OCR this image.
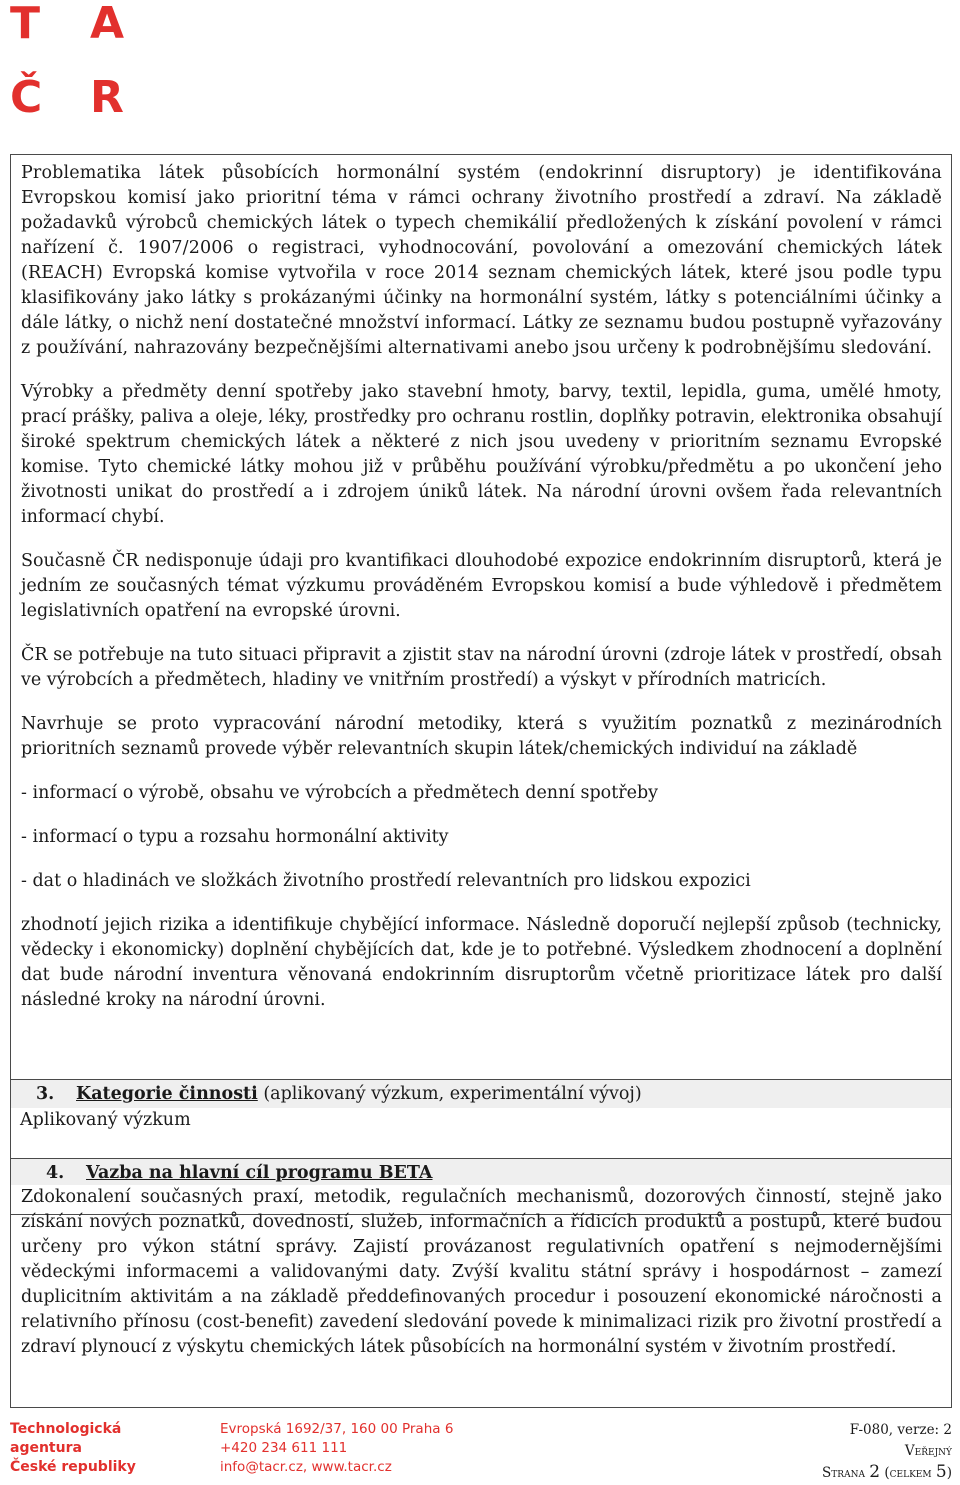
T A
Č R

Problematika látek působících hormonální systém (endokrinní disruptory) je identifikována Evropskou komisí jako prioritní téma v rámci ochrany životního prostředí a zdraví. Na základě požadavků výrobců chemických látek o typech chemikálií předložených k získání povolení v rámci nařízení č. 1907/2006 o registraci, vyhodnocování, povolování a omezování chemických látek (REACH) Evropská komise vytvořila v roce 2014 seznam chemických látek, které jsou podle typu klasifikovány jako látky s prokázanými účinky na hormonální systém, látky s potenciálními účinky a dále látky, o nichž není dostatečné množství informací. Látky ze seznamu budou postupně vyřazovány z používání, nahrazovány bezpečnějšími alternativami anebo jsou určeny k podrobnějšímu sledování.

Výrobky a předměty denní spotřeby jako stavební hmoty, barvy, textil, lepidla, guma, umělé hmoty, prací prášky, paliva a oleje, léky, prostředky pro ochranu rostlin, doplňky potravin, elektronika obsahují široké spektrum chemických látek a některé z nich jsou uvedeny v prioritním seznamu Evropské komise. Tyto chemické látky mohou již v průběhu používání výrobku/předmětu a po ukončení jeho životnosti unikat do prostředí a i zdrojem úniků látek. Na národní úrovni ovšem řada relevantních informací chybí.

Současně ČR nedisponuje údaji pro kvantifikaci dlouhodobé expozice endokrinním disruptorů, která je jedním ze současných témat výzkumu prováděném Evropskou komisí a bude výhledově i předmětem legislativních opatření na evropské úrovni.

ČR se potřebuje na tuto situaci připravit a zjistit stav na národní úrovni (zdroje látek v prostředí, obsah ve výrobcích a předmětech, hladiny ve vnitřním prostředí) a výskyt v přírodních matricích.

Navrhuje se proto vypracování národní metodiky, která s využitím poznatků z mezinárodních prioritních seznamů provede výběr relevantních skupin látek/chemických individuí na základě

- informací o výrobě, obsahu ve výrobcích a předmětech denní spotřeby

- informací o typu a rozsahu hormonální aktivity

- dat o hladinách ve složkách životního prostředí relevantních pro lidskou expozici

zhodnotí jejich rizika a identifikuje chybějící informace. Následně doporučí nejlepší způsob (technicky, vědecky i ekonomicky) doplnění chybějících dat, kde je to potřebné. Výsledkem zhodnocení a doplnění dat bude národní inventura věnovaná endokrinním disruptorům včetně prioritizace látek pro další následné kroky na národní úrovni.

3. Kategorie činnosti (aplikovaný výzkum, experimentální vývoj)
Aplikovaný výzkum
4. Vazba na hlavní cíl programu BETA

Zdokonalení současných praxí, metodik, regulačních mechanismů, dozorových činností, stejně jako získání nových poznatků, dovedností, služeb, informačních a řídicích produktů a postupů, které budou určeny pro výkon státní správy. Zajistí provázanost regulativních opatření s nejmodernějšími vědeckými informacemi a validovanými daty. Zvýší kvalitu státní správy i hospodárnost – zamezí duplicitním aktivitám a na základě předdefinovaných procedur i posouzení ekonomické náročnosti a relativního přínosu (cost-benefit) zavedení sledování povede k minimalizaci rizik pro životní prostředí a zdraví plynoucí z výskytu chemických látek působících na hormonální systém v životním prostředí.

Technologická
agentura
České republiky
Evropská 1692/37, 160 00 Praha 6
+420 234 611 111
info@tacr.cz, www.tacr.cz
F-080, verze: 2
Veřejný
Strana 2 (celkem 5)
